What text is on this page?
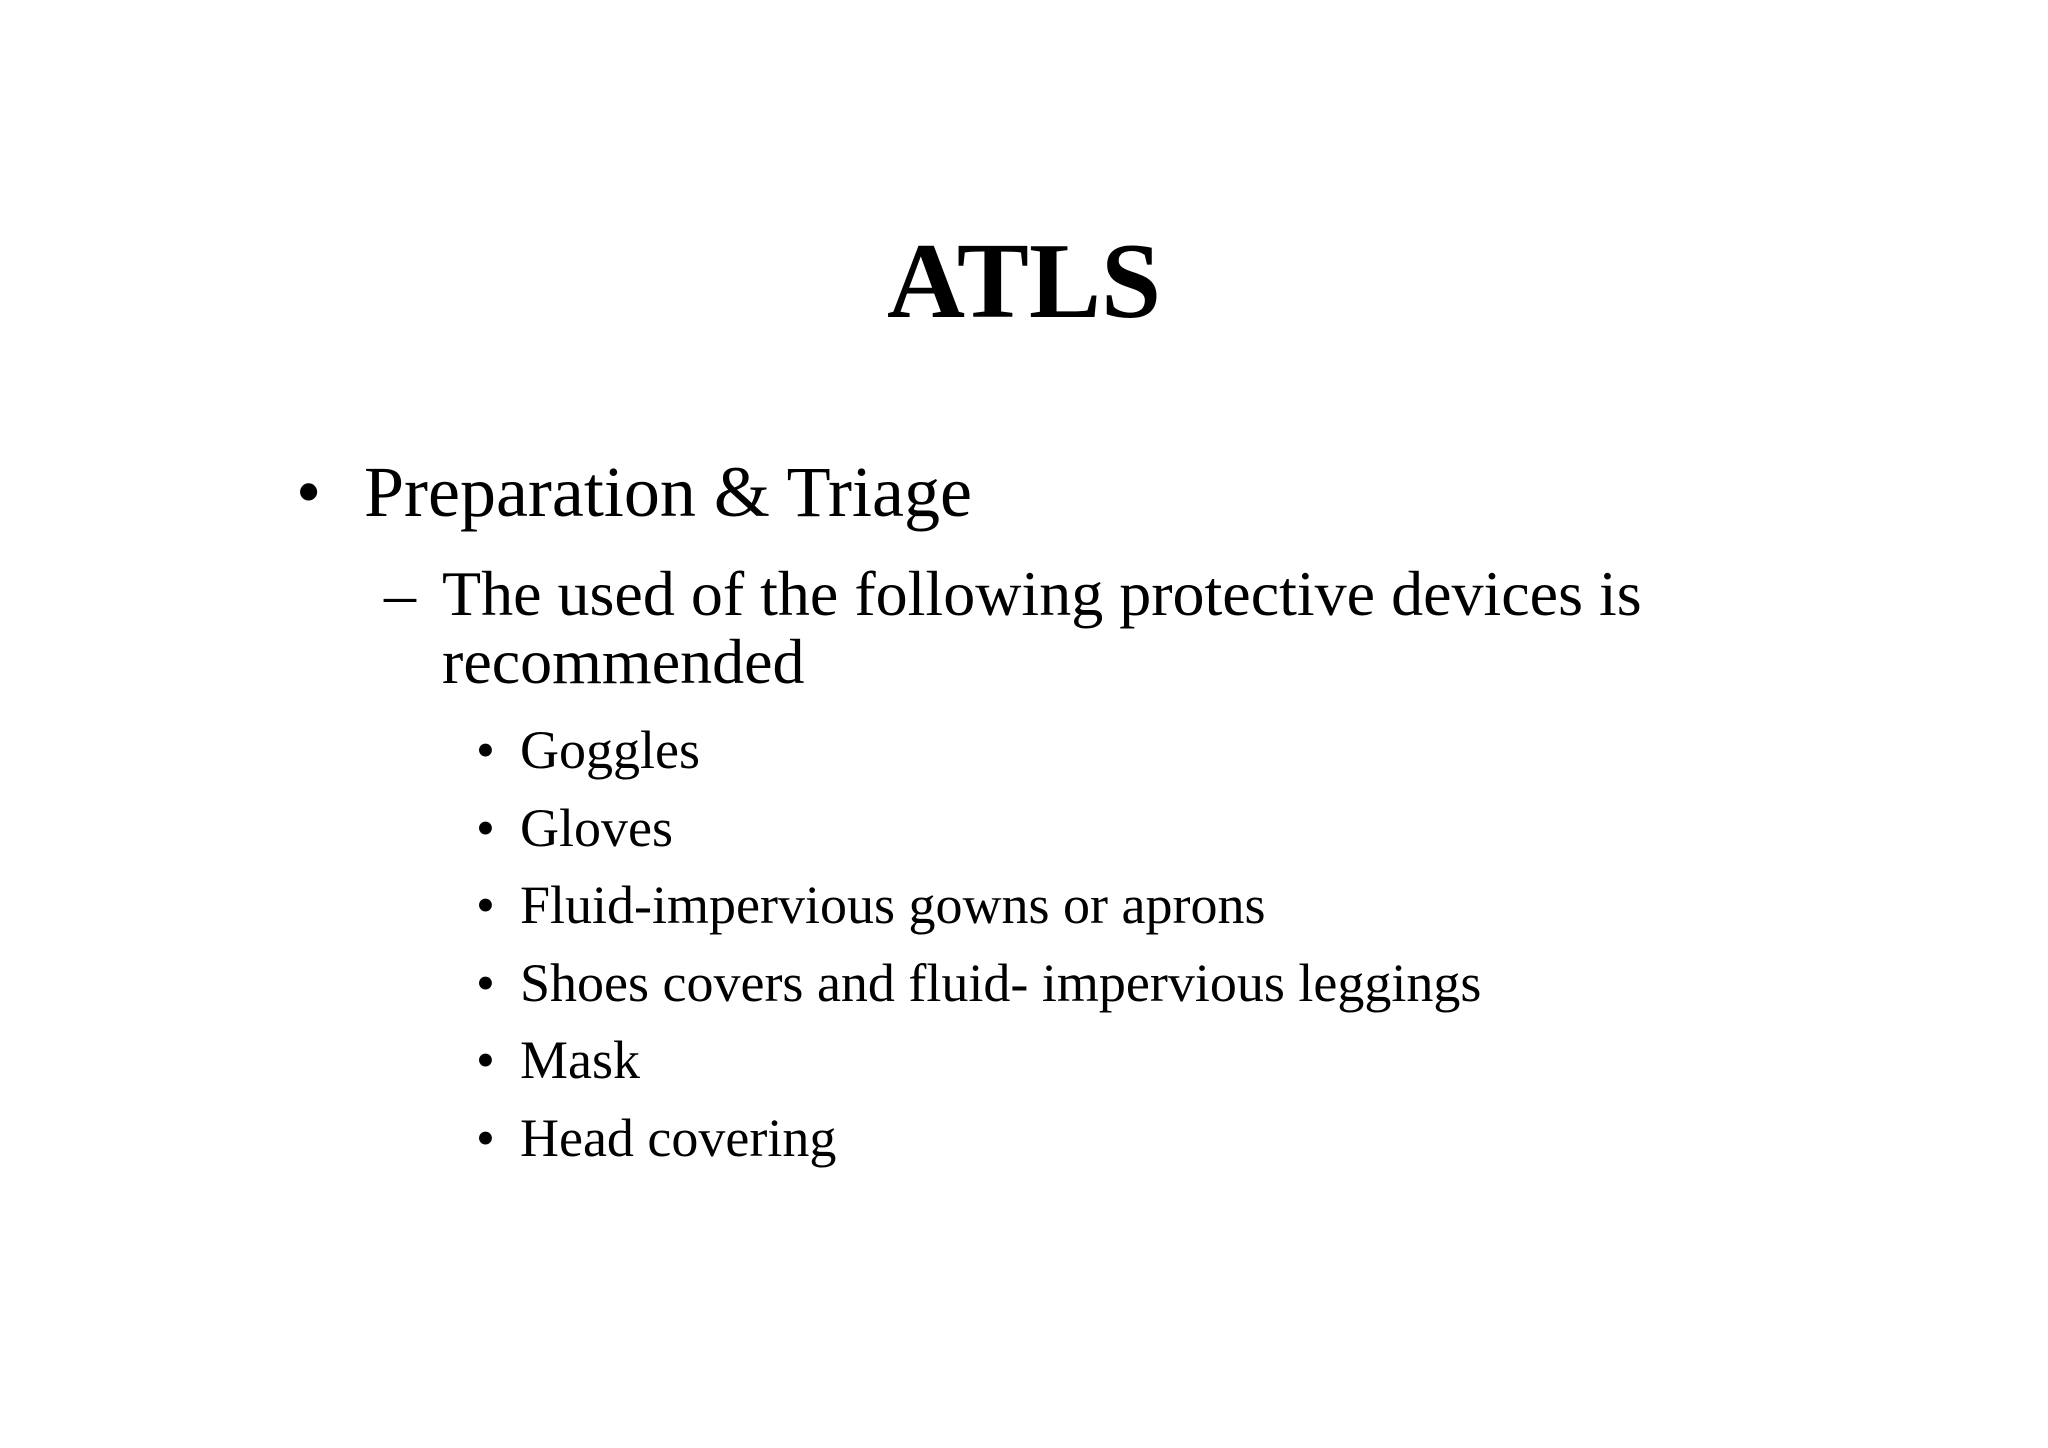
ATLS
• Preparation & Triage
– The used of the following protective devices is recommended
• Goggles
• Gloves
• Fluid-impervious gowns or aprons
• Shoes covers and fluid- impervious leggings
• Mask
• Head covering
